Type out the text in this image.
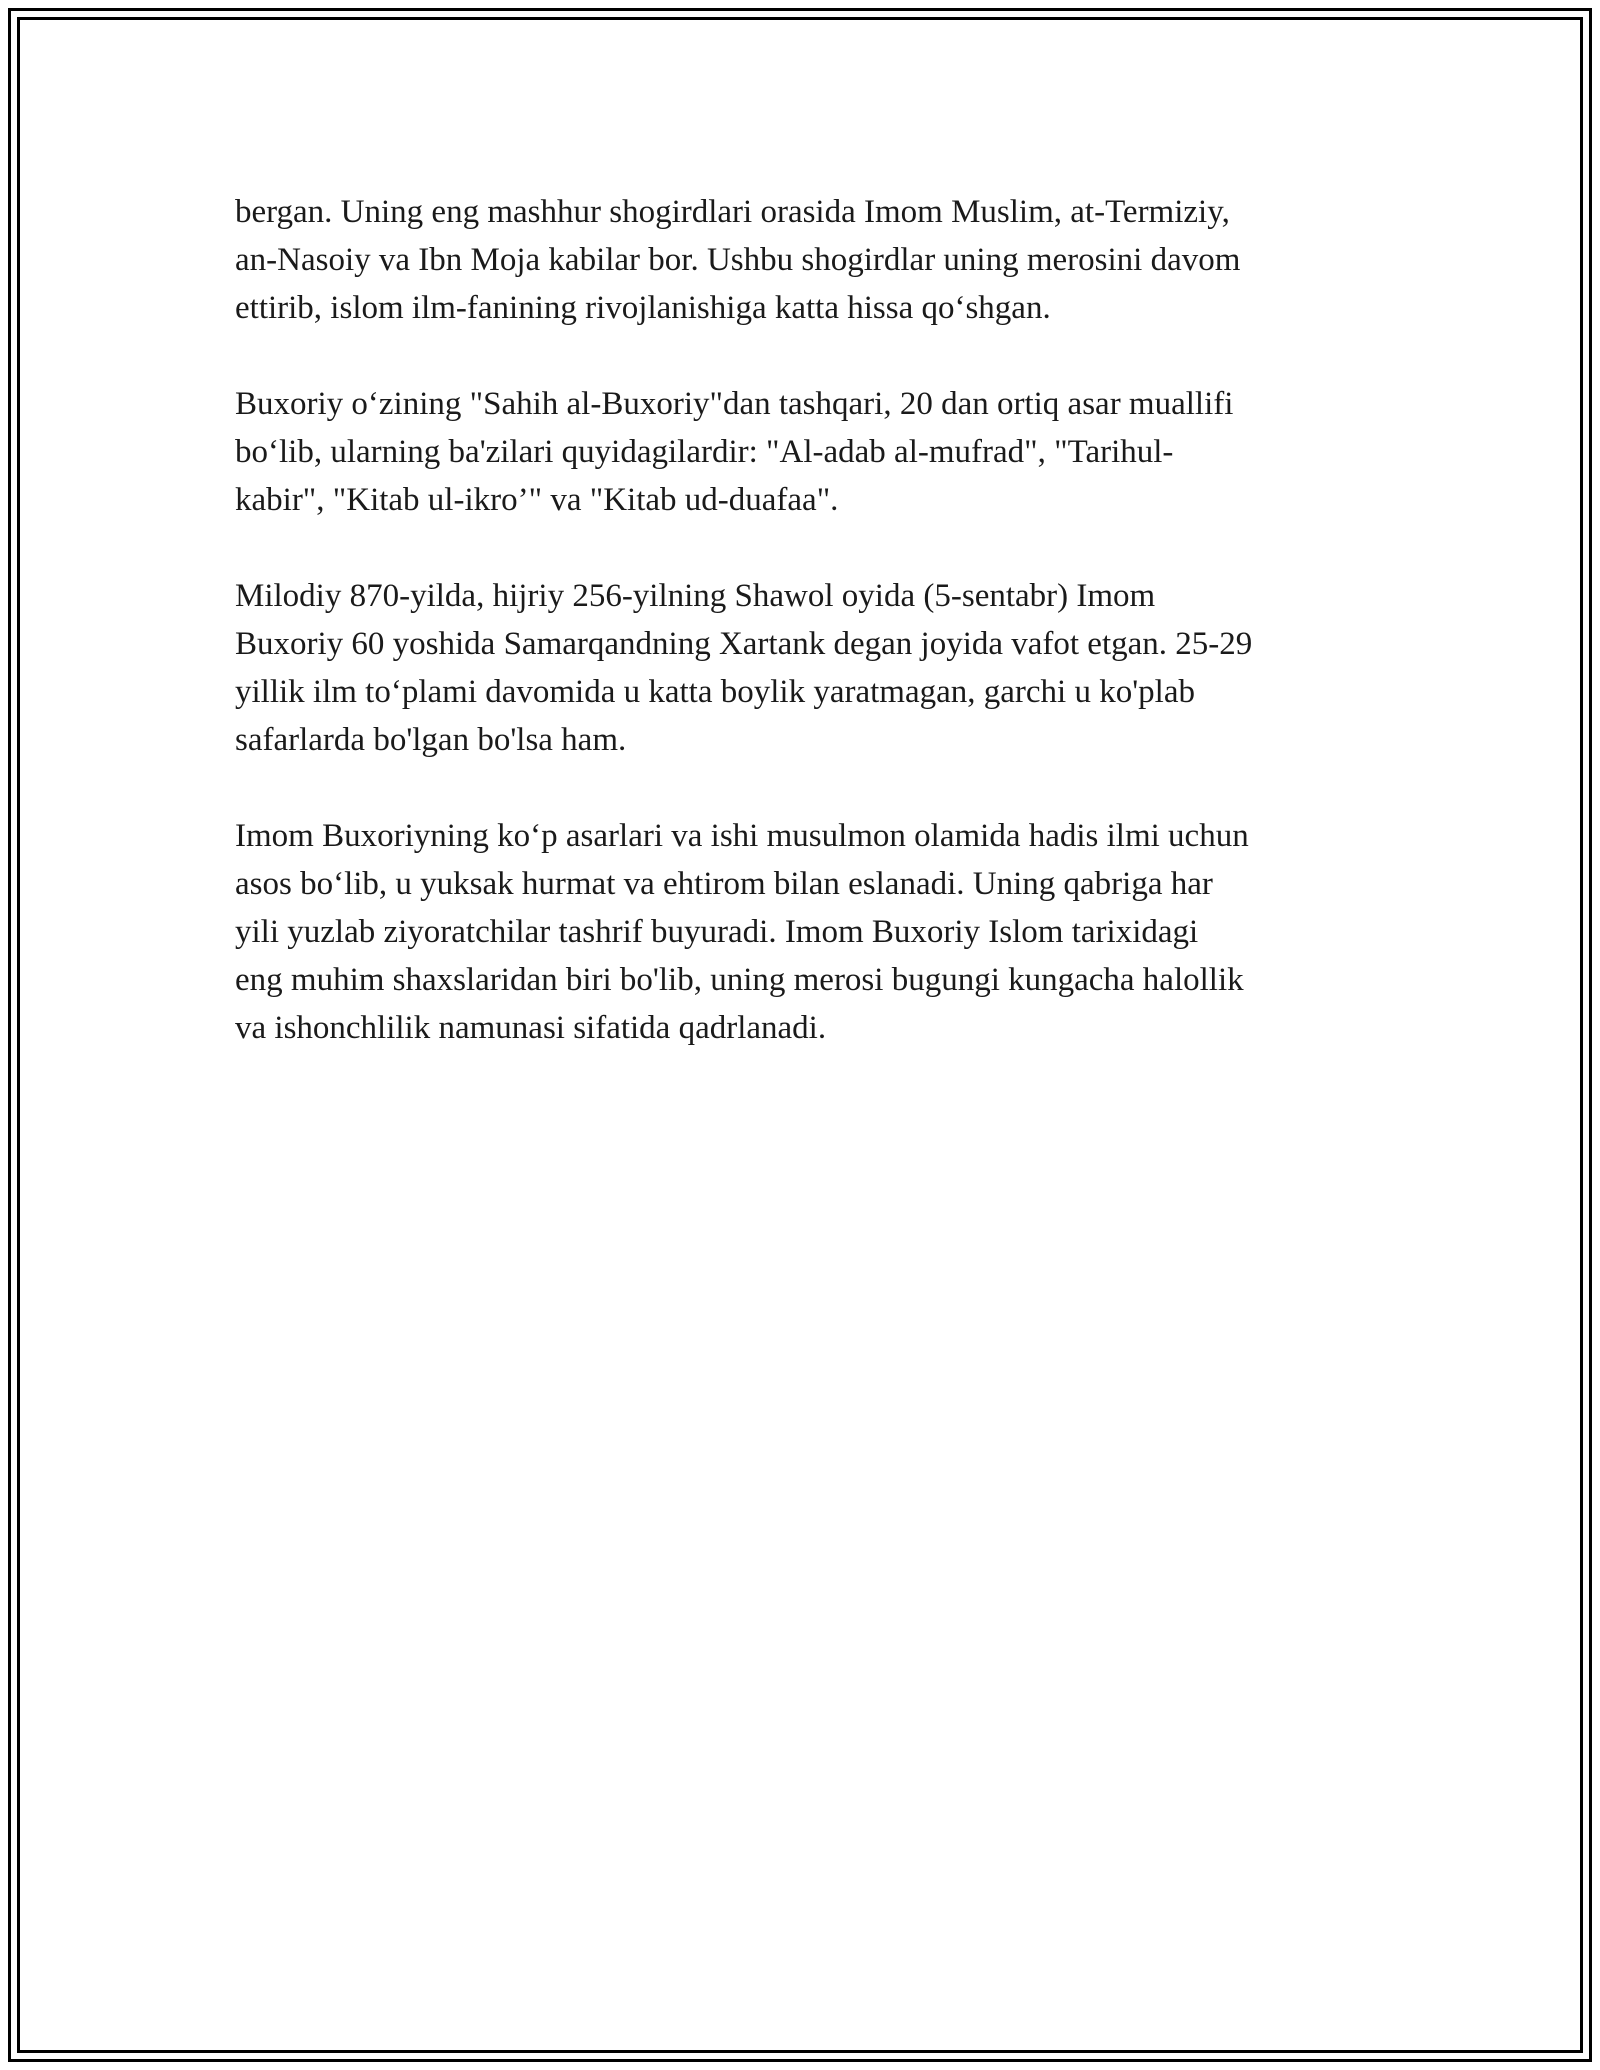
bergan. Uning eng mashhur shogirdlari orasida Imom Muslim, at-Termiziy,
an-Nasoiy va Ibn Moja kabilar bor. Ushbu shogirdlar uning merosini davom
ettirib, islom ilm-fanining rivojlanishiga katta hissa qo‘shgan.

Buxoriy o‘zining "Sahih al-Buxoriy"dan tashqari, 20 dan ortiq asar muallifi
bo‘lib, ularning ba'zilari quyidagilardir: "Al-adab al-mufrad", "Tarihul-
kabir", "Kitab ul-ikro’" va "Kitab ud-duafaa".

Milodiy 870-yilda, hijriy 256-yilning Shawol oyida (5-sentabr) Imom
Buxoriy 60 yoshida Samarqandning Xartank degan joyida vafot etgan. 25-29
yillik ilm to‘plami davomida u katta boylik yaratmagan, garchi u ko'plab
safarlarda bo'lgan bo'lsa ham.

Imom Buxoriyning ko‘p asarlari va ishi musulmon olamida hadis ilmi uchun
asos bo‘lib, u yuksak hurmat va ehtirom bilan eslanadi. Uning qabriga har
yili yuzlab ziyoratchilar tashrif buyuradi. Imom Buxoriy Islom tarixidagi
eng muhim shaxslaridan biri bo'lib, uning merosi bugungi kungacha halollik
va ishonchlilik namunasi sifatida qadrlanadi.
